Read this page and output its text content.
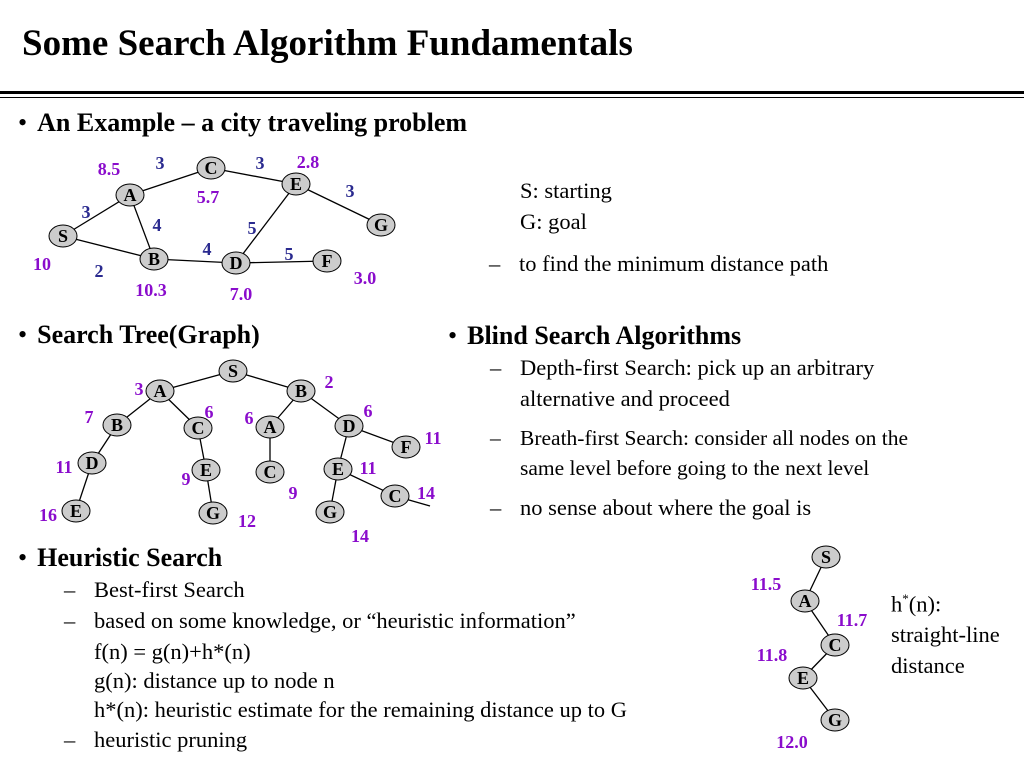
Some Search Algorithm Fundamentals
• An Example – a city traveling problem
S: starting
G: goal
– to find the minimum distance path
A
C
E
S
G
B	D	F
3	3
3
3
4	5
4	5
2
8.5	2.8
5.7
10
10.3	7.0
3.0
• Search Tree(Graph)
S
A	B
B	C	A	D
F
D	E	C	E
E	G	G
C
3	2
7	6 6	6
11
11
9
11
9	14
16	12
14
• Blind Search Algorithms
– Depth-first Search: pick up an arbitrary
alternative and proceed
– Breath-first Search: consider all nodes on the
same level before going to the next level
– no sense about where the goal is
• Heuristic Search
– Best-first Search
– based on some knowledge, or “heuristic information”
f(n) = g(n)+h*(n)
g(n): distance up to node n
h*(n): heuristic estimate for the remaining distance up to G
– heuristic pruning
S
A
C
E
G
11.5
11.7
11.8
12.0
h*(n):
straight-line
distance
